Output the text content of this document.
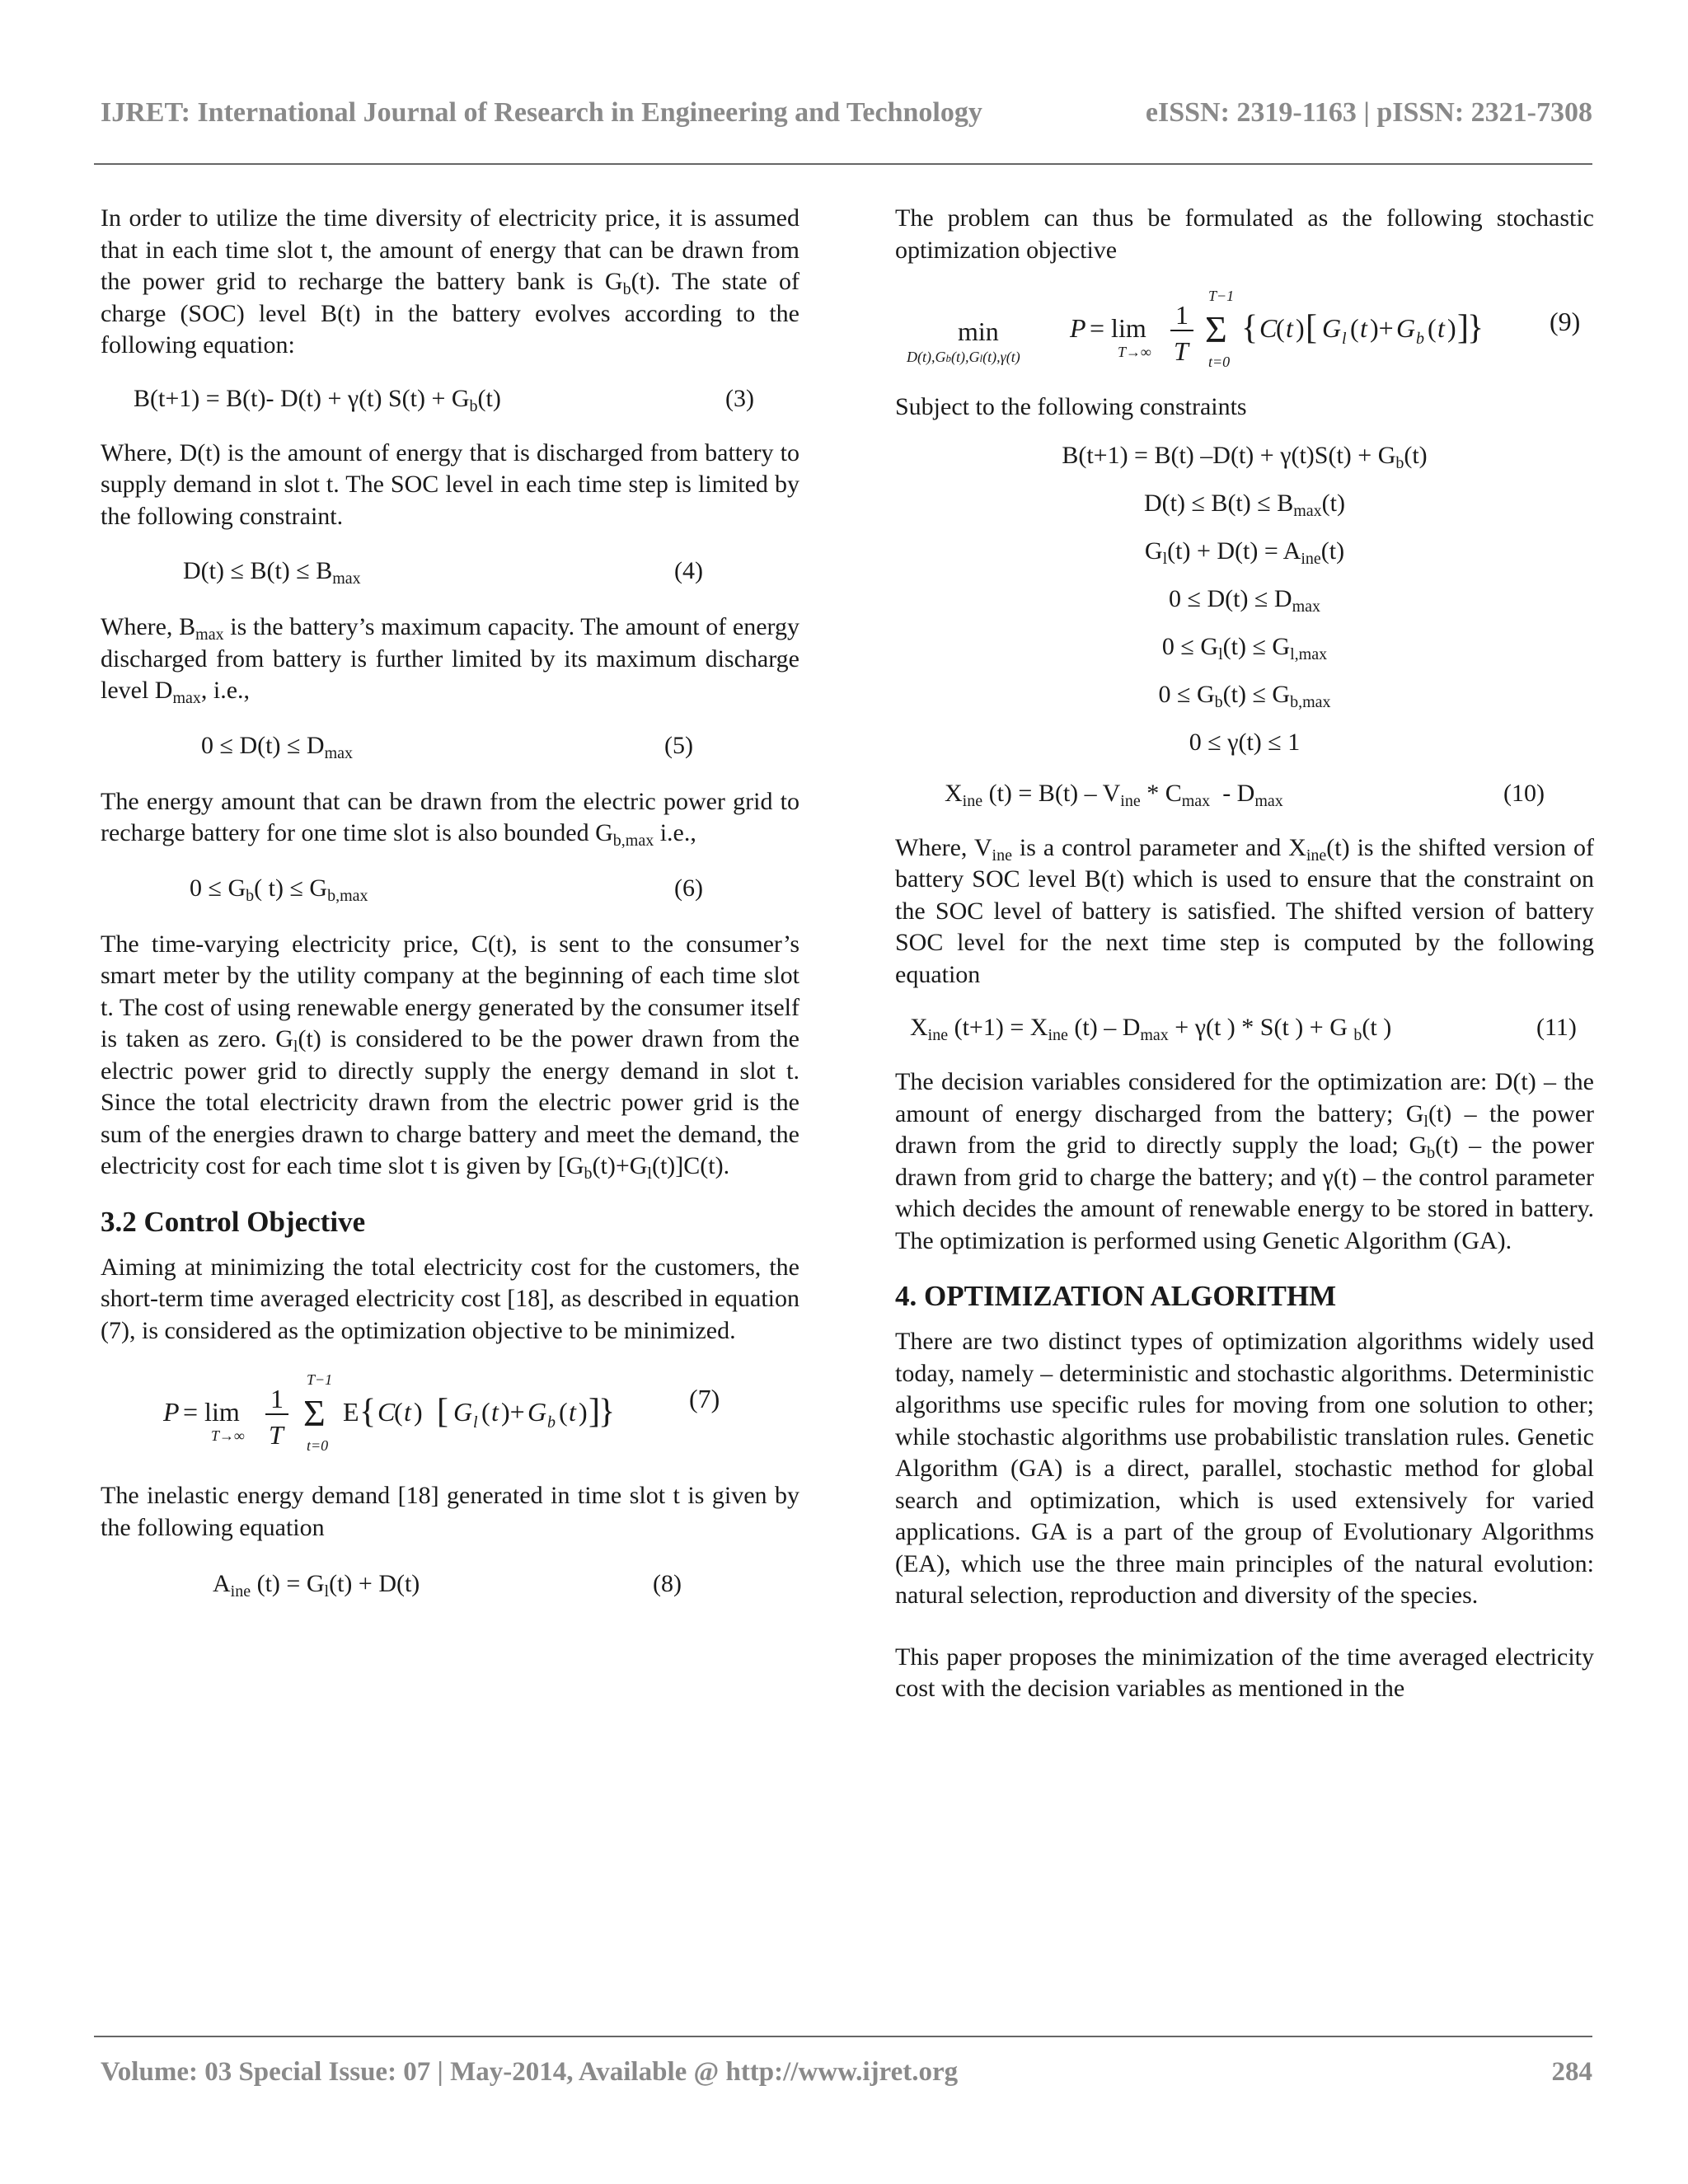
IJRET: International Journal of Research in Engineering and Technology	eISSN: 2319-1163 | pISSN: 2321-7308

In order to utilize the time diversity of electricity price, it is assumed that in each time slot t, the amount of energy that can be drawn from the power grid to recharge the battery bank is $G_b(t)$. The state of charge (SOC) level B(t) in the battery evolves according to the following equation:

B(t+1) = B(t)- D(t) + γ(t) $S(t) + G_b(t)$	(3)

Where, D(t) is the amount of energy that is discharged from battery to supply demand in slot t. The SOC level in each time step is limited by the following constraint.

$D(t) \le B(t) \le B_{max}$	(4)

Where, $B_{max}$ is the battery’s maximum capacity. The amount of energy discharged from battery is further limited by its maximum discharge level $D_{max}$, i.e.,

$0 \le D(t) \le D_{max}$	(5)

The energy amount that can be drawn from the electric power grid to recharge battery for one time slot is also bounded $G_{b,max}$ i.e.,

$0 \le G_b$( $t) \le G_{b,max}$	(6)

The time-varying electricity price, C(t), is sent to the consumer’s smart meter by the utility company at the beginning of each time slot t. The cost of using renewable energy generated by the consumer itself is taken as zero. $G_l(t)$ is considered to be the power drawn from the electric power grid to directly supply the energy demand in slot t. Since the total electricity drawn from the electric power grid is the sum of the energies drawn to charge battery and meet the demand, the electricity cost for each time slot t is given by $[G_b(t)+G_l(t)]C(t)$.

3.2 Control Objective

Aiming at minimizing the total electricity cost for the customers, the short-term time averaged electricity cost [18], as described in equation (7), is considered as the optimization objective to be minimized.

P = lim
T→∞
1
T
T−1
Σ
t=0
E { C
( t ) [ G l ( t )+ G b ( t ) ]
}	(7)

The inelastic energy demand [18] generated in time slot t is given by the following equation

$A_{ine}$ $(t) = G_l(t) + D(t)$	(8)

The problem can thus be formulated as the following stochastic optimization objective

min
D(t),Gb(t),Gl(t),γ(t)
P = lim
T→∞
1
T
T−1
Σ
t=0
{ C
( t ) [ G l ( t )+ G b ( t ) ]
} (9)

Subject to the following constraints

B(t+1) = B(t) $-D(t) + \gamma(t)S(t) + G_b(t)$
$D(t) \le B(t) \le B_{max}(t)$
$G_l(t) + D(t) = A_{ine}(t)$
$0 \le D(t) \le D_{max}$
$0 \le G_l(t) \le G_{l,max}$
$0 \le G_b(t) \le G_{b,max}$
0 ≤ γ(t) ≤ 1
$X_{ine}$ $(t) = B(t) - V_{ine} * C_{max} - D_{max}$	(10)

Where, $V_{ine}$ is a control parameter and $X_{ine}(t)$ is the shifted version of battery SOC level B(t) which is used to ensure that the constraint on the SOC level of battery is satisfied. The shifted version of battery SOC level for the next time step is computed by the following equation

$X_{ine}$ $(t+1) = X_{ine}$ $(t) - D_{max} + \gamma(t$ ) * S(t ) + G $_b$(t )	(11)

The decision variables considered for the optimization are: D(t) – the amount of energy discharged from the battery; $G_l(t)$ – the power drawn from the grid to directly supply the load; $G_b(t)$ – the power drawn from grid to charge the battery; and γ(t) – the control parameter which decides the amount of renewable energy to be stored in battery. The optimization is performed using Genetic Algorithm (GA).

4. OPTIMIZATION ALGORITHM

There are two distinct types of optimization algorithms widely used today, namely – deterministic and stochastic algorithms. Deterministic algorithms use specific rules for moving from one solution to other; while stochastic algorithms use probabilistic translation rules. Genetic Algorithm (GA) is a direct, parallel, stochastic method for global search and optimization, which is used extensively for varied applications. GA is a part of the group of Evolutionary Algorithms (EA), which use the three main principles of the natural evolution: natural selection, reproduction and diversity of the species.

This paper proposes the minimization of the time averaged electricity cost with the decision variables as mentioned in the

Volume: 03 Special Issue: 07 | May-2014, Available @ http://www.ijret.org	284
